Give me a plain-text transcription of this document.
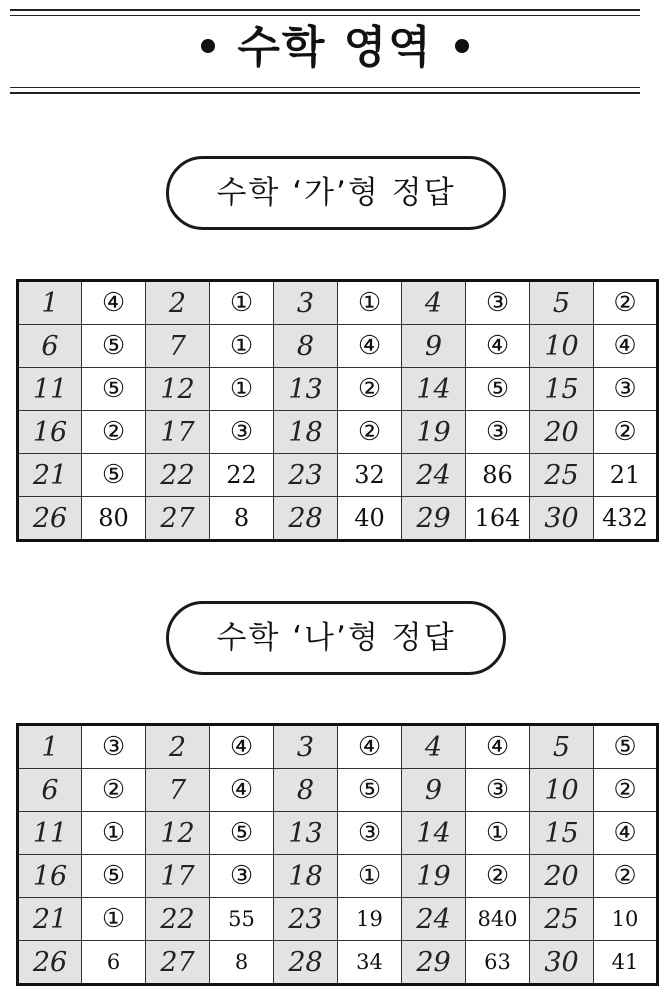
수학 영역
수학 ‘가’형 정답
1	④	2	①	3	①	4	③	5	②
6	⑤	7	①	8	④	9	④	10	④
11	⑤	12	①	13	②	14	⑤	15	③
16	②	17	③	18	②	19	③	20	②
21	⑤	22	22	23	32	24	86	25	21
26	80	27	8	28	40	29	164	30	432
수학 ‘나’형 정답
1	③	2	④	3	④	4	④	5	⑤
6	②	7	④	8	⑤	9	③	10	②
11	①	12	⑤	13	③	14	①	15	④
16	⑤	17	③	18	①	19	②	20	②
21	①	22	55	23	19	24	840	25	10
26	6	27	8	28	34	29	63	30	41
